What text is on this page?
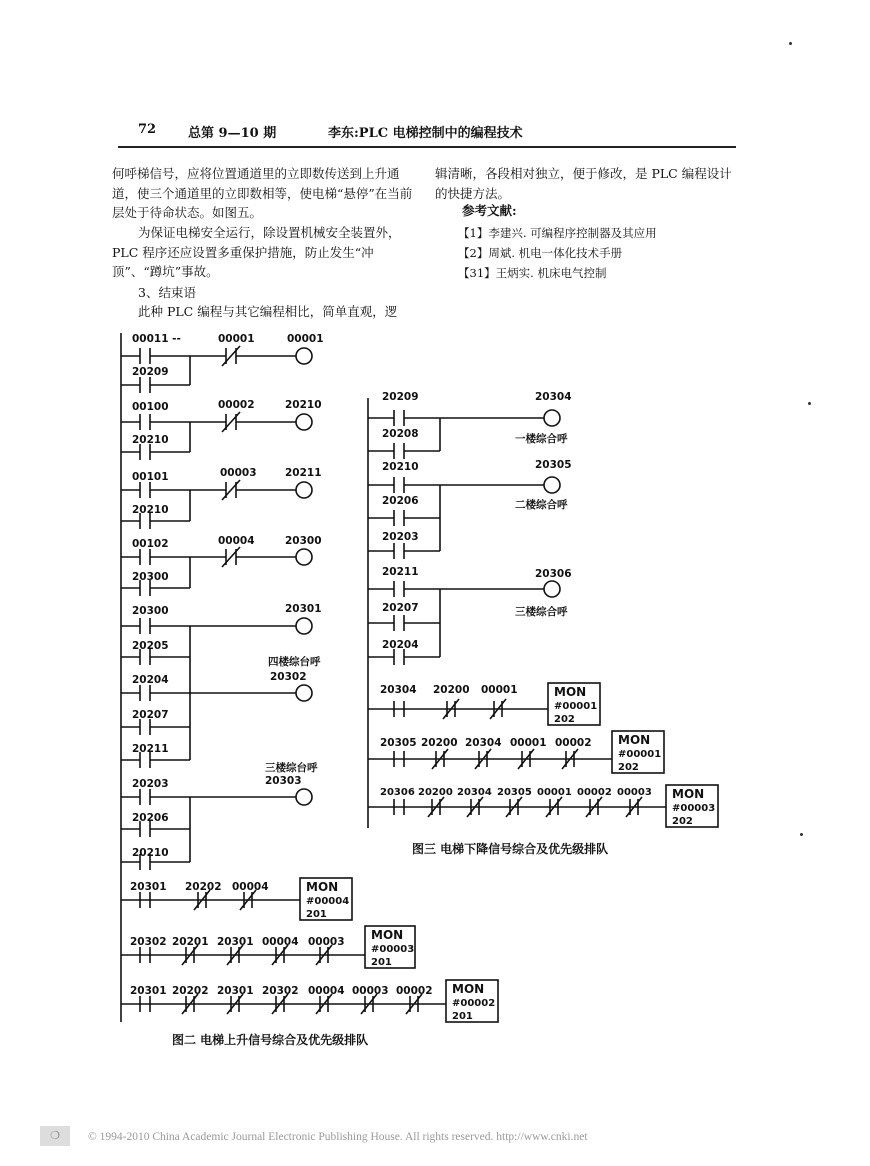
72 总第 9—10 期	李东:PLC 电梯控制中的编程技术

何呼梯信号，应将位置通道里的立即数传送到上升通道，使三个通道里的立即数相等，使电梯“悬停”在当前层处于待命状态。如图五。

为保证电梯安全运行，除设置机械安全装置外，PLC 程序还应设置多重保护措施，防止发生“冲顶”、“蹲坑”事故。

3、结束语

此种 PLC 编程与其它编程相比，简单直观，逻

辑清晰，各段相对独立，便于修改，是 PLC 编程设计的快捷方法。

参考文献:
【1】李建兴. 可编程序控制器及其应用
【2】周斌. 机电一体化技术手册
【31】王炳实. 机床电气控制
00011 --	00001	00001
20209
00100	00002	20210
20210
00101	00003	20211
20210
00102	00004	20300
20300
20300	20301
20205
四楼综台呼
20302
20204
20207
20211
三楼综台呼
20303
20203
20206
20210
20301 20202 00004	MON
#00004
201
20302 20201 20301 00004 00003 MON
#00003
201
20301 20202 20301 20302 00004 00003 00002 MON
#00002
201
20209	20304
20208	一楼综合呼
20210	20305
20206	二楼综合呼
20203
20211	20306
20207	三楼综合呼
20204
20304 20200 00001	MON
#00001
202
20305 20200 20304 00001 00002 MON
#00001
202
20306 20200 20304 20305 00001 00002 00003 MON
#00003
202
图三 电梯下降信号综合及优先级排队
图二 电梯上升信号综合及优先级排队
❍	© 1994-2010 China Academic Journal Electronic Publishing House. All rights reserved. http://www.cnki.net
